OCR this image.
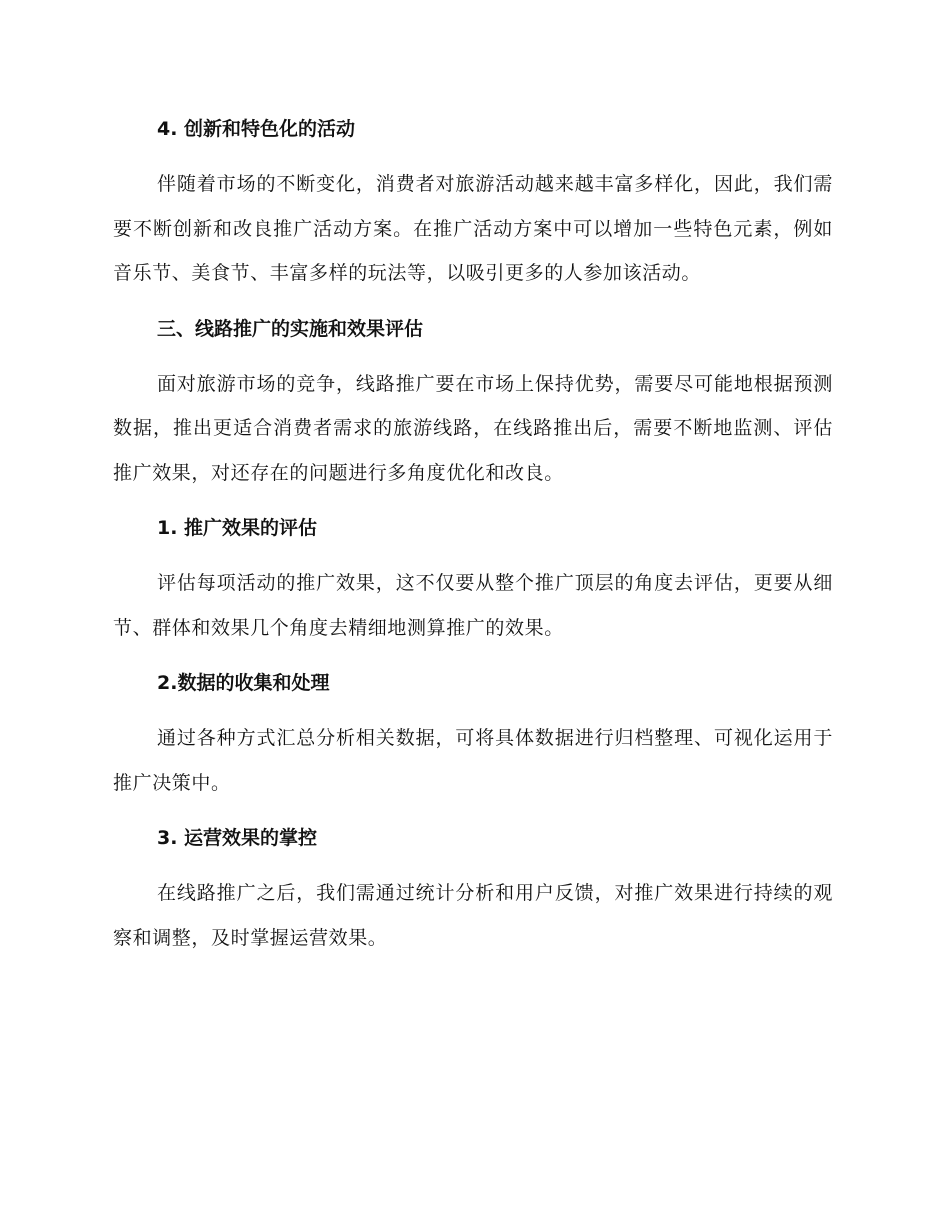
4. 创新和特色化的活动

伴随着市场的不断变化，消费者对旅游活动越来越丰富多样化，因此，我们需要不断创新和改良推广活动方案。在推广活动方案中可以增加一些特色元素，例如音乐节、美食节、丰富多样的玩法等，以吸引更多的人参加该活动。

三、线路推广的实施和效果评估

面对旅游市场的竞争，线路推广要在市场上保持优势，需要尽可能地根据预测数据，推出更适合消费者需求的旅游线路，在线路推出后，需要不断地监测、评估推广效果，对还存在的问题进行多角度优化和改良。

1. 推广效果的评估

评估每项活动的推广效果，这不仅要从整个推广顶层的角度去评估，更要从细节、群体和效果几个角度去精细地测算推广的效果。

2.数据的收集和处理

通过各种方式汇总分析相关数据，可将具体数据进行归档整理、可视化运用于推广决策中。

3. 运营效果的掌控

在线路推广之后，我们需通过统计分析和用户反馈，对推广效果进行持续的观察和调整，及时掌握运营效果。
